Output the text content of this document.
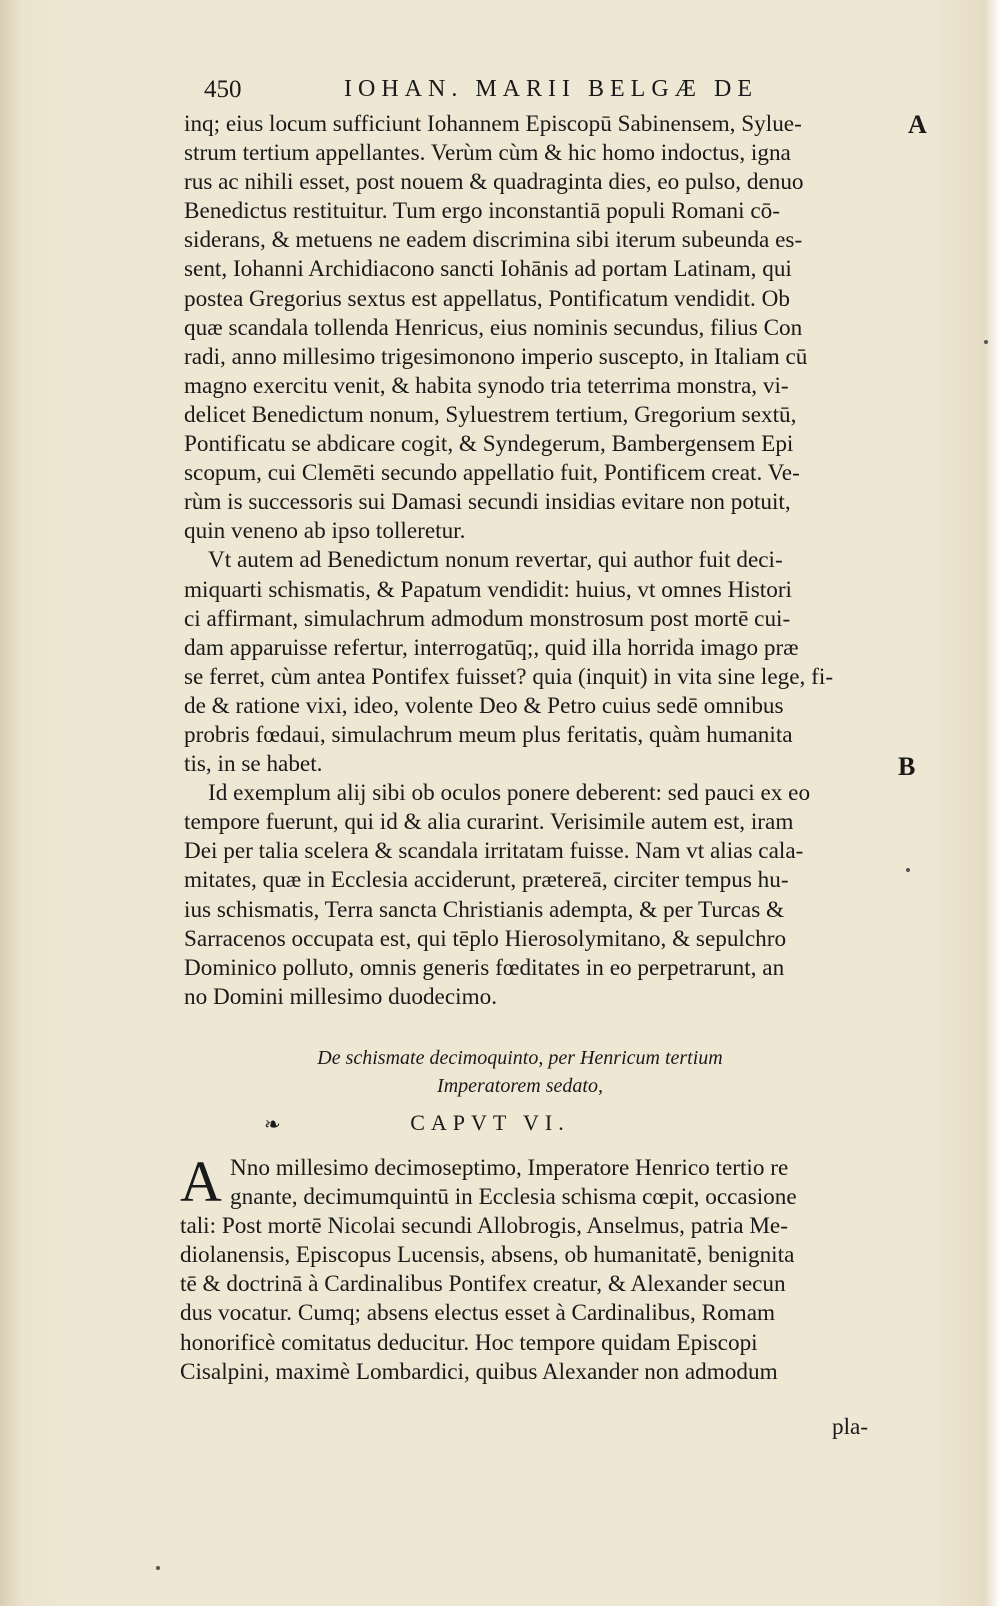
450	IOHAN. MARII BELGÆ DE
A
B
inq; eius locum sufficiunt Iohannem Episcopū Sabinensem, Sylue-
strum tertium appellantes. Verùm cùm & hic homo indoctus, igna
rus ac nihili esset, post nouem & quadraginta dies, eo pulso, denuo
Benedictus restituitur. Tum ergo inconstantiā populi Romani cō-
siderans, & metuens ne eadem discrimina sibi iterum subeunda es-
sent, Iohanni Archidiacono sancti Iohānis ad portam Latinam, qui
postea Gregorius sextus est appellatus, Pontificatum vendidit. Ob
quæ scandala tollenda Henricus, eius nominis secundus, filius Con
radi, anno millesimo trigesimonono imperio suscepto, in Italiam cū
magno exercitu venit, & habita synodo tria teterrima monstra, vi-
delicet Benedictum nonum, Syluestrem tertium, Gregorium sextū,
Pontificatu se abdicare cogit, & Syndegerum, Bambergensem Epi
scopum, cui Clemēti secundo appellatio fuit, Pontificem creat. Ve-
rùm is successoris sui Damasi secundi insidias evitare non potuit,
quin veneno ab ipso tolleretur.
Vt autem ad Benedictum nonum revertar, qui author fuit deci-
miquarti schismatis, & Papatum vendidit: huius, vt omnes Histori
ci affirmant, simulachrum admodum monstrosum post mortē cui-
dam apparuisse refertur, interrogatūq;, quid illa horrida imago præ
se ferret, cùm antea Pontifex fuisset? quia (inquit) in vita sine lege, fi-
de & ratione vixi, ideo, volente Deo & Petro cuius sedē omnibus
probris fœdaui, simulachrum meum plus feritatis, quàm humanita
tis, in se habet.
Id exemplum alij sibi ob oculos ponere deberent: sed pauci ex eo
tempore fuerunt, qui id & alia curarint. Verisimile autem est, iram
Dei per talia scelera & scandala irritatam fuisse. Nam vt alias cala-
mitates, quæ in Ecclesia acciderunt, prætereā, circiter tempus hu-
ius schismatis, Terra sancta Christianis adempta, & per Turcas &
Sarracenos occupata est, qui tēplo Hierosolymitano, & sepulchro
Dominico polluto, omnis generis fœditates in eo perpetrarunt, an
no Domini millesimo duodecimo.
De schismate decimoquinto, per Henricum tertium
Imperatorem sedato,
❧	CAPVT VI.
A Nno millesimo decimoseptimo, Imperatore Henrico tertio re
gnante, decimumquintū in Ecclesia schisma cœpit, occasione
tali: Post mortē Nicolai secundi Allobrogis, Anselmus, patria Me-
diolanensis, Episcopus Lucensis, absens, ob humanitatē, benignita
tē & doctrinā à Cardinalibus Pontifex creatur, & Alexander secun
dus vocatur. Cumq; absens electus esset à Cardinalibus, Romam
honorificè comitatus deducitur. Hoc tempore quidam Episcopi
Cisalpini, maximè Lombardici, quibus Alexander non admodum
pla-
